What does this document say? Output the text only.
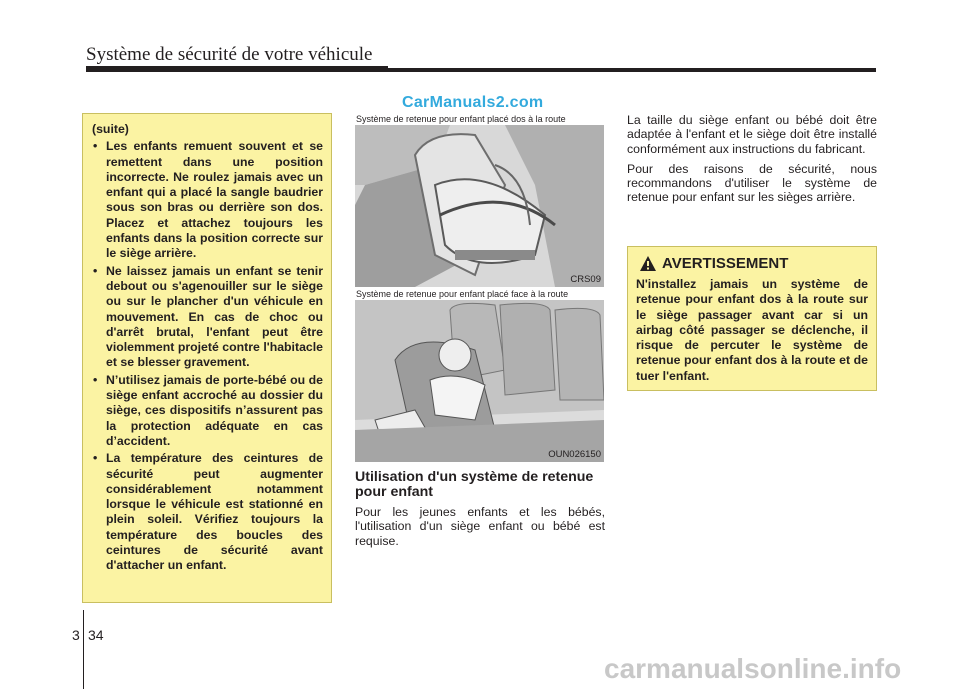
Système de sécurité de votre véhicule
CarManuals2.com
(suite)
• Les enfants remuent souvent et se remettent dans une position incorrecte. Ne roulez jamais avec un enfant qui a placé la sangle baudrier sous son bras ou derrière son dos. Placez et attachez toujours les enfants dans la position correcte sur le siège arrière.
• Ne laissez jamais un enfant se tenir debout ou s'agenouiller sur le siège ou sur le plancher d'un véhicule en mouvement. En cas de choc ou d'arrêt brutal, l'enfant peut être violemment projeté contre l'habitacle et se blesser gravement.
• N’utilisez jamais de porte-bébé ou de siège enfant accroché au dossier du siège, ces dispositifs n’assurent pas la protection adéquate en cas d’accident.
• La température des ceintures de sécurité peut augmenter considérablement notamment lorsque le véhicule est stationné en plein soleil. Vérifiez toujours la température des boucles des ceintures de sécurité avant d'attacher un enfant.
Système de retenue pour enfant placé dos à la route
CRS09
Système de retenue pour enfant placé face à la route
OUN026150
Utilisation d'un système de retenue pour enfant

Pour les jeunes enfants et les bébés, l'utilisation d'un siège enfant ou bébé est requise.

La taille du siège enfant ou bébé doit être adaptée à l'enfant et le siège doit être installé conformément aux instructions du fabricant.

Pour des raisons de sécurité, nous recommandons d'utiliser le système de retenue pour enfant sur les sièges arrière.

AVERTISSEMENT
N'installez jamais un système de retenue pour enfant dos à la route sur le siège passager avant car si un airbag côté passager se déclenche, il risque de percuter le système de retenue pour enfant dos à la route et de tuer l'enfant.
3 34
carmanualsonline.info
